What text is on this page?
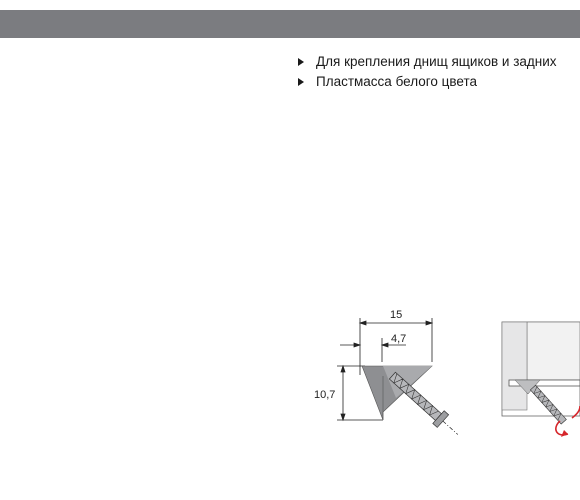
Для крепления днищ ящиков и задних
Пластмасса белого цвета
15
4,7
10,7
